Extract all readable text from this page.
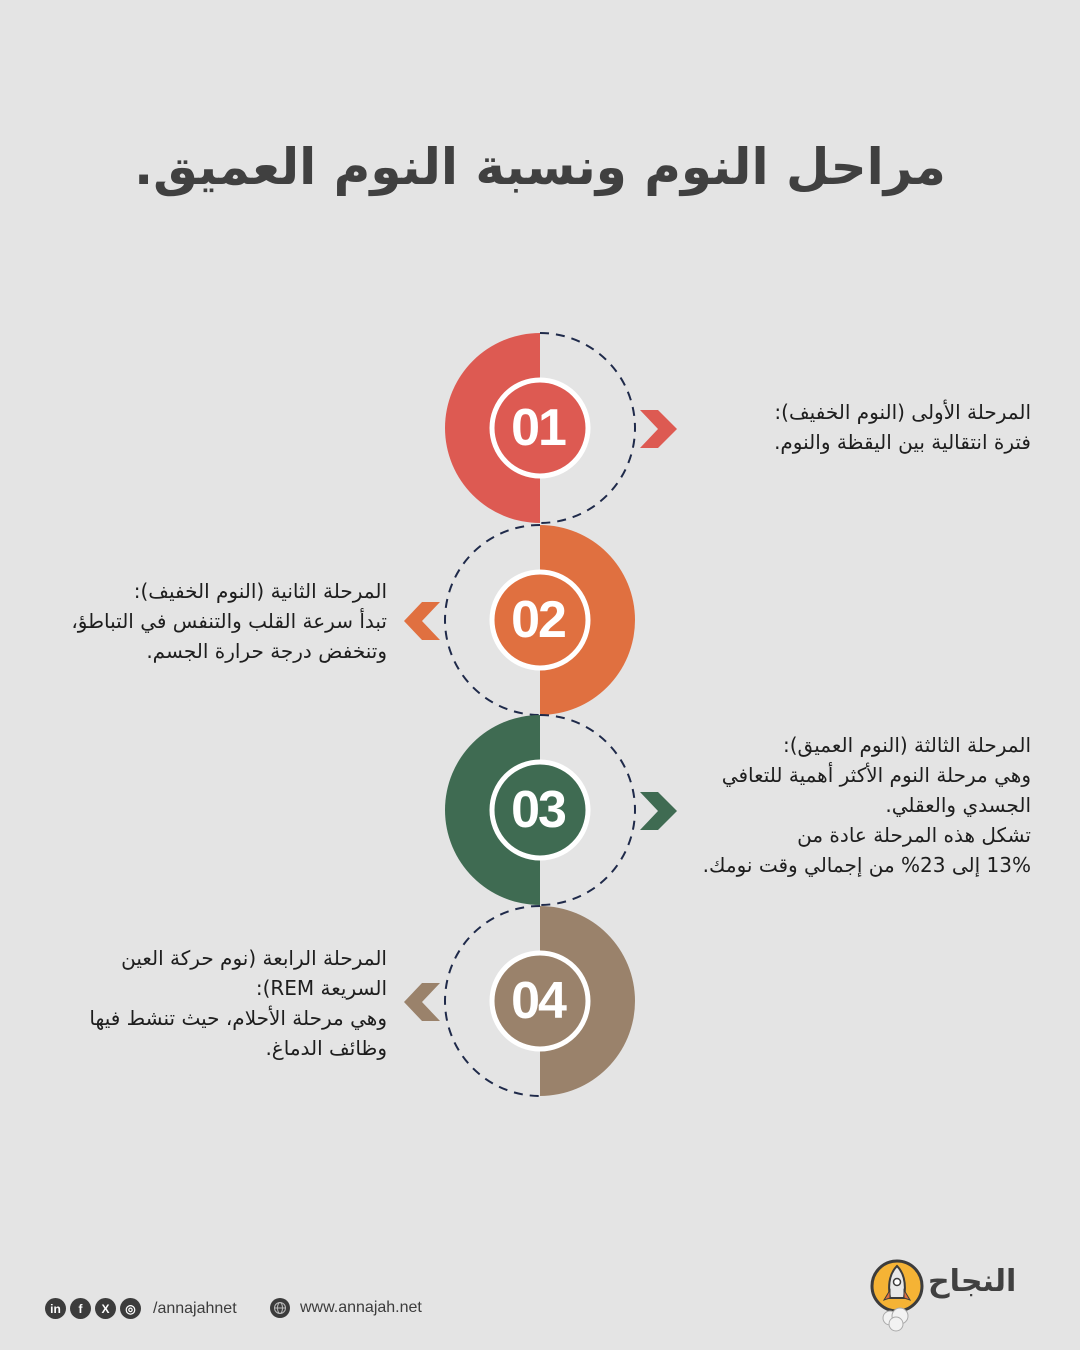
مراحل النوم ونسبة النوم العميق.
01
02
03
04
المرحلة الأولى (النوم الخفيف):
فترة انتقالية بين اليقظة والنوم.
المرحلة الثانية (النوم الخفيف):
تبدأ سرعة القلب والتنفس في التباطؤ،
وتنخفض درجة حرارة الجسم.
المرحلة الثالثة (النوم العميق):
وهي مرحلة النوم الأكثر أهمية للتعافي
الجسدي والعقلي.
تشكل هذه المرحلة عادة من
13% إلى 23% من إجمالي وقت نومك.
المرحلة الرابعة (نوم حركة العين
السريعة REM):
وهي مرحلة الأحلام، حيث تنشط فيها
وظائف الدماغ.
in	f	X	◎	/annajahnet	www.annajah.net
النجاح
